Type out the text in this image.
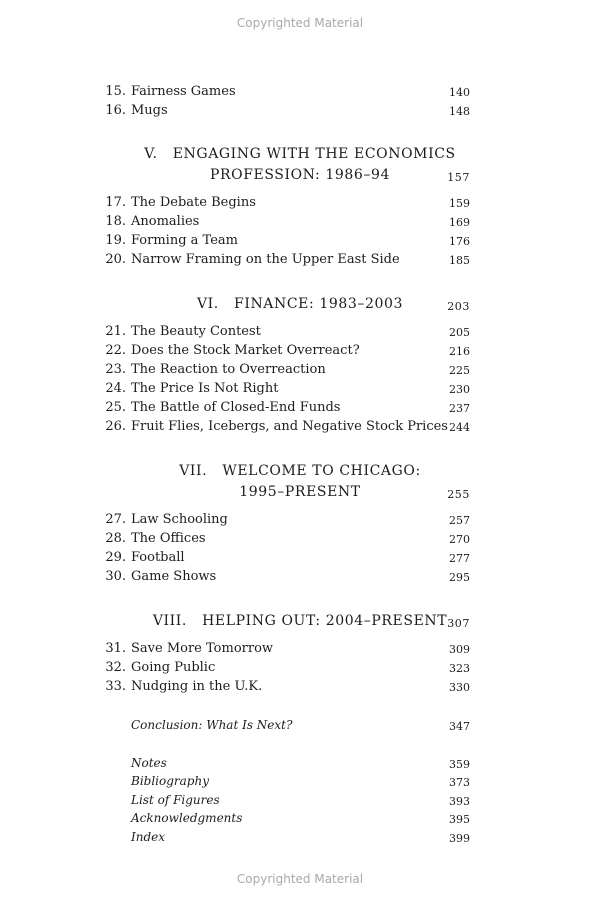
Copyrighted Material
15. Fairness Games	140
16. Mugs	148
V. ENGAGING WITH THE ECONOMICS
PROFESSION: 1986–94	157
17. The Debate Begins	159
18. Anomalies	169
19. Forming a Team	176
20. Narrow Framing on the Upper East Side	185
VI. FINANCE: 1983–2003	203
21. The Beauty Contest	205
22. Does the Stock Market Overreact?	216
23. The Reaction to Overreaction	225
24. The Price Is Not Right	230
25. The Battle of Closed-End Funds	237
26. Fruit Flies, Icebergs, and Negative Stock Prices 244
VII. WELCOME TO CHICAGO:
1995–PRESENT	255
27. Law Schooling	257
28. The Offices	270
29. Football	277
30. Game Shows	295
VIII. HELPING OUT: 2004–PRESENT 307
31. Save More Tomorrow	309
32. Going Public	323
33. Nudging in the U.K.	330
Conclusion: What Is Next?	347
Notes	359
Bibliography	373
List of Figures	393
Acknowledgments	395
Index	399
Copyrighted Material
